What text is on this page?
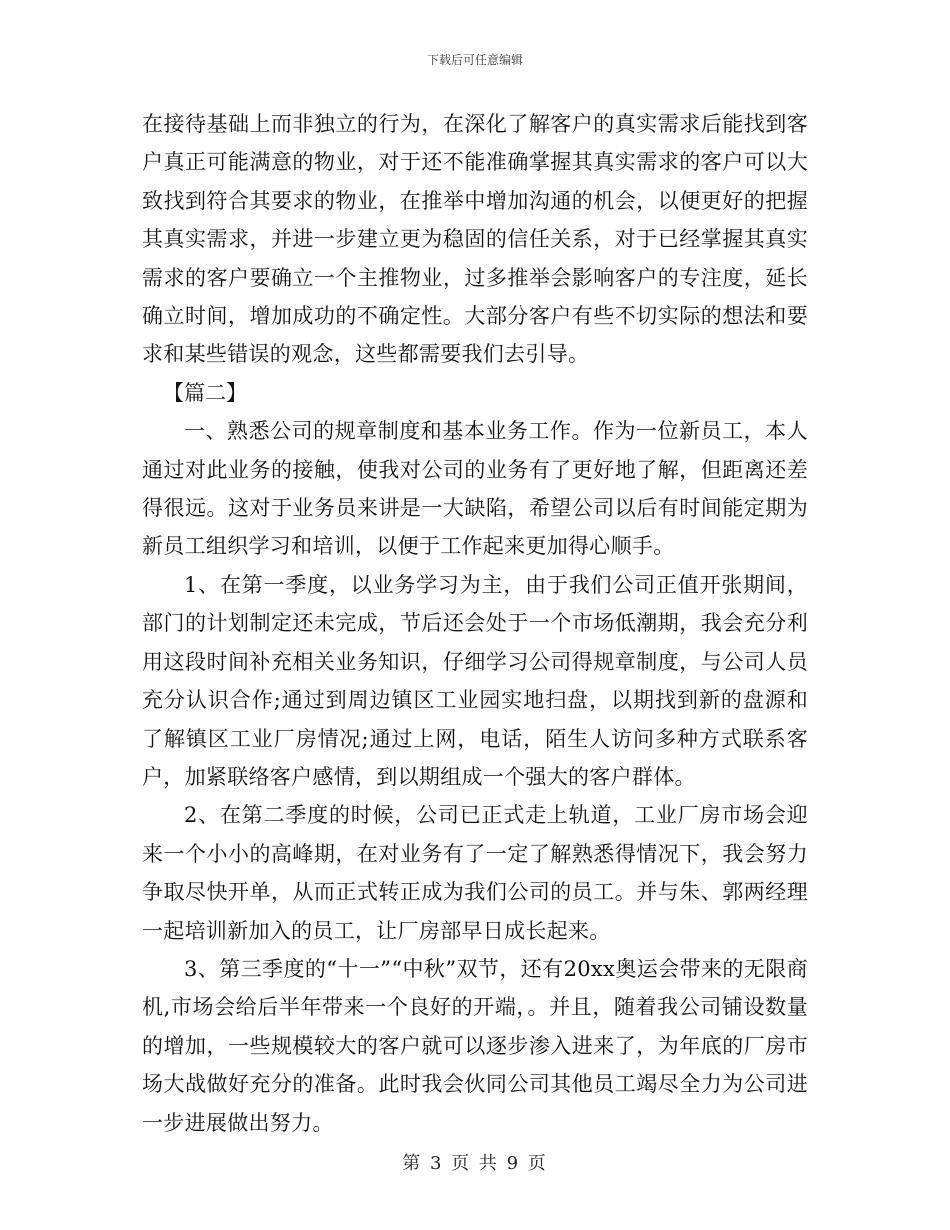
下载后可任意编辑

在接待基础上而非独立的行为，在深化了解客户的真实需求后能找到客户真正可能满意的物业，对于还不能准确掌握其真实需求的客户可以大致找到符合其要求的物业，在推举中增加沟通的机会，以便更好的把握其真实需求，并进一步建立更为稳固的信任关系，对于已经掌握其真实需求的客户要确立一个主推物业，过多推举会影响客户的专注度，延长确立时间，增加成功的不确定性。大部分客户有些不切实际的想法和要求和某些错误的观念，这些都需要我们去引导。

【篇二】

一、熟悉公司的规章制度和基本业务工作。作为一位新员工，本人通过对此业务的接触，使我对公司的业务有了更好地了解，但距离还差得很远。这对于业务员来讲是一大缺陷，希望公司以后有时间能定期为新员工组织学习和培训，以便于工作起来更加得心顺手。

1、在第一季度，以业务学习为主，由于我们公司正值开张期间，部门的计划制定还未完成，节后还会处于一个市场低潮期，我会充分利用这段时间补充相关业务知识，仔细学习公司得规章制度，与公司人员充分认识合作;通过到周边镇区工业园实地扫盘，以期找到新的盘源和了解镇区工业厂房情况;通过上网，电话，陌生人访问多种方式联系客户，加紧联络客户感情，到以期组成一个强大的客户群体。

2、在第二季度的时候，公司已正式走上轨道，工业厂房市场会迎来一个小小的高峰期，在对业务有了一定了解熟悉得情况下，我会努力争取尽快开单，从而正式转正成为我们公司的员工。并与朱、郭两经理一起培训新加入的员工，让厂房部早日成长起来。

3、第三季度的“十一”“中秋”双节，还有20xx奥运会带来的无限商机,市场会给后半年带来一个良好的开端，。并且，随着我公司铺设数量的增加，一些规模较大的客户就可以逐步渗入进来了，为年底的厂房市场大战做好充分的准备。此时我会伙同公司其他员工竭尽全力为公司进一步进展做出努力。

第 3 页 共 9 页
